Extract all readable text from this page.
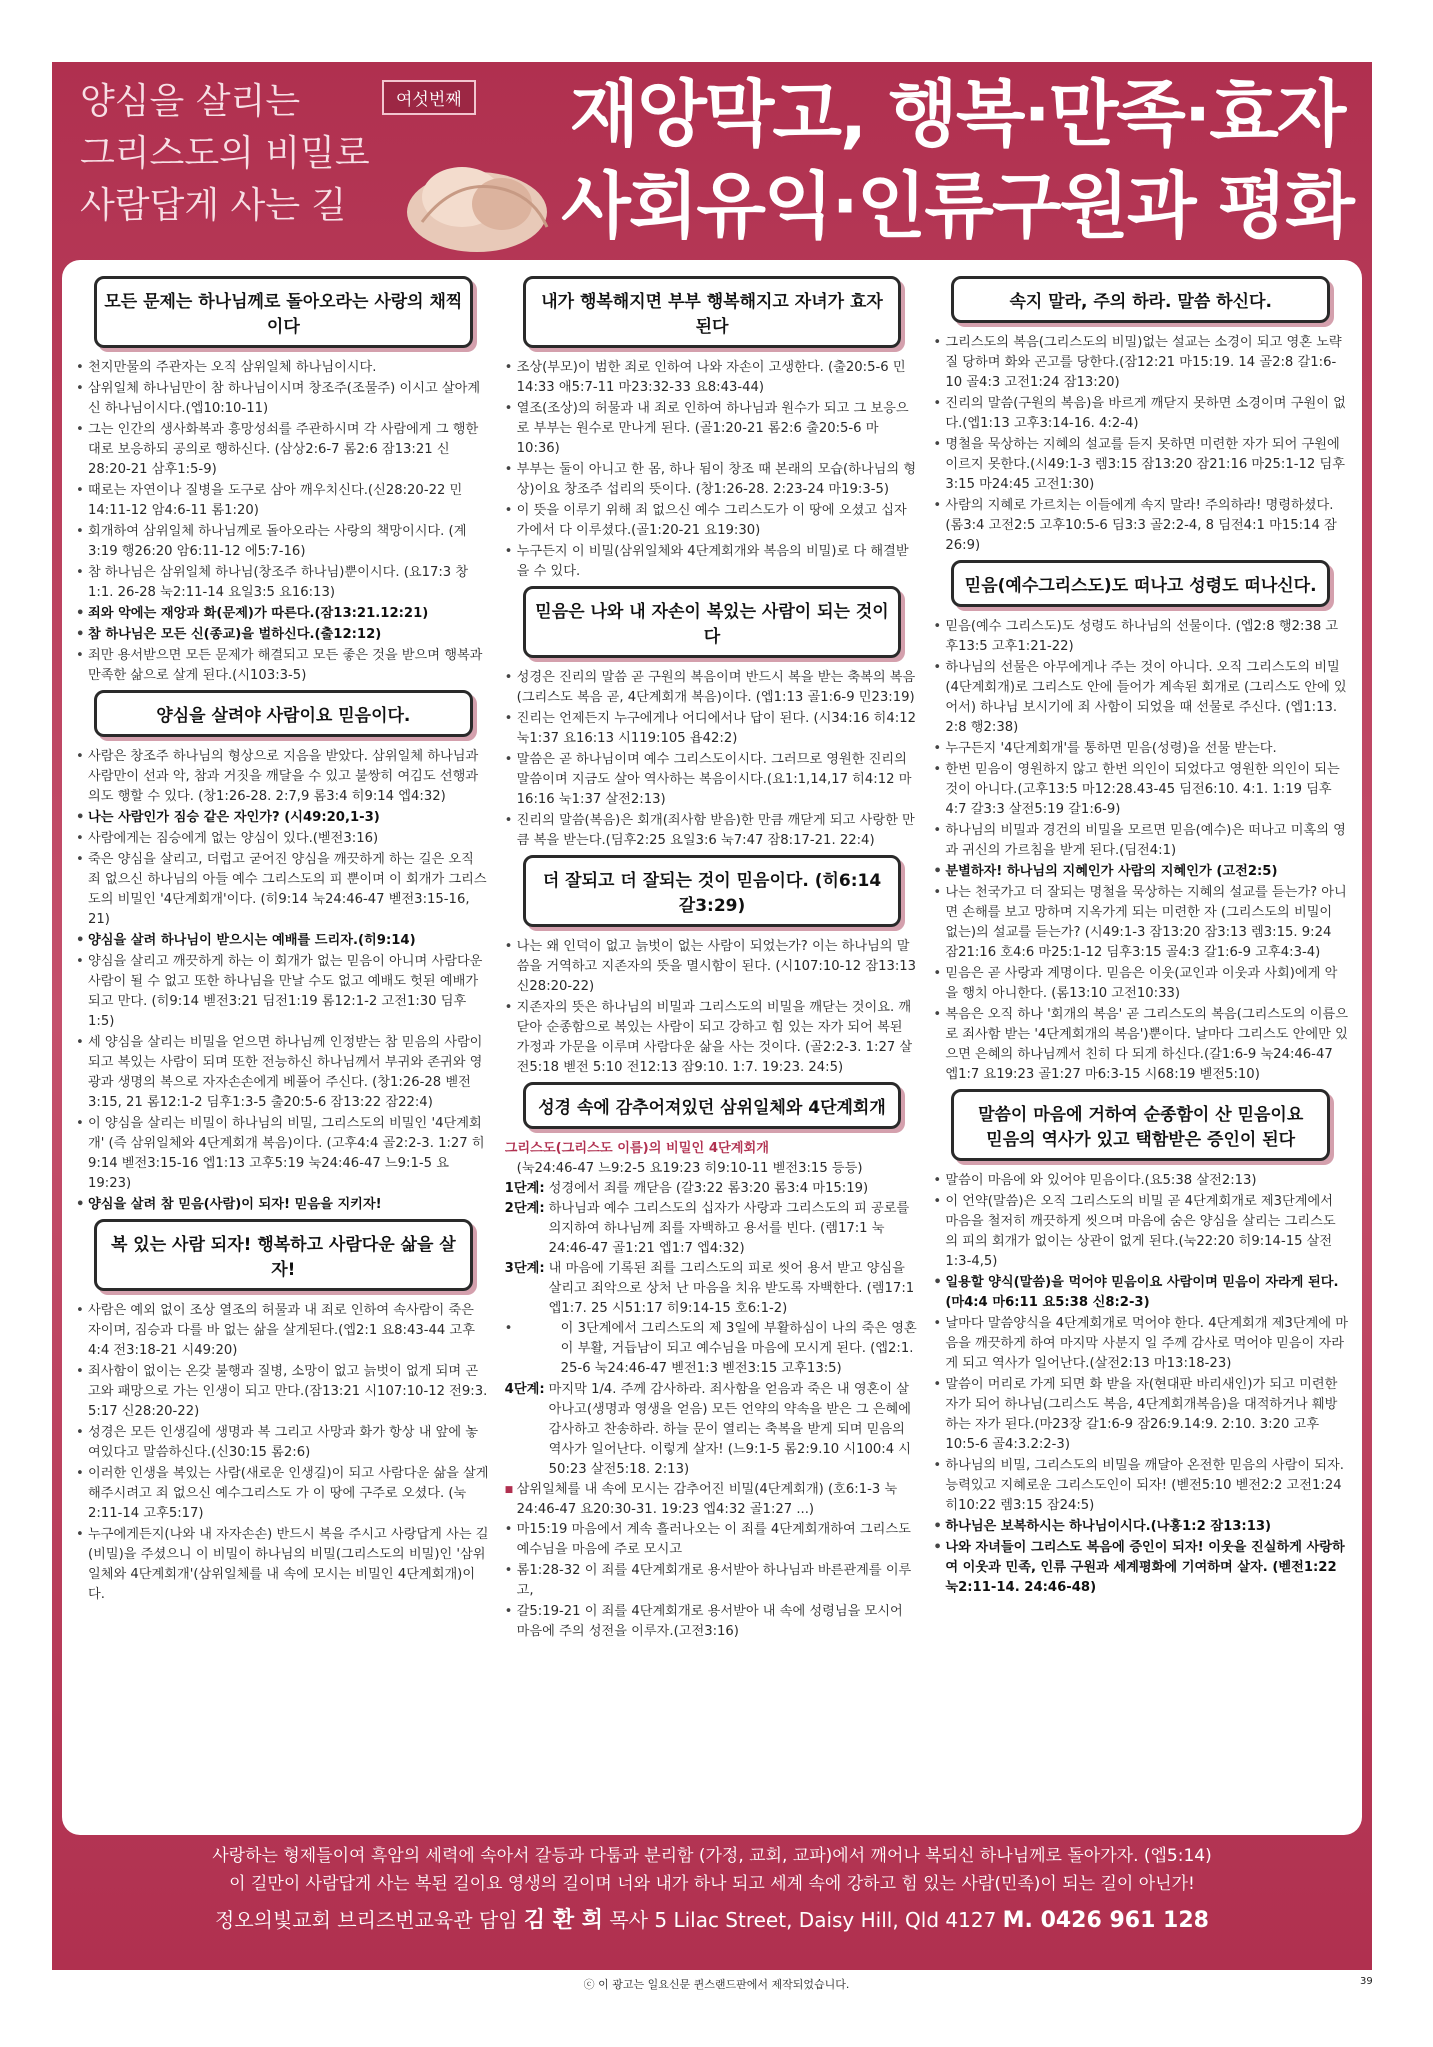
양심을 살리는
그리스도의 비밀로
사람답게 사는 길
여섯번째 재앙막고, 행복·만족·효자
사회유익·인류구원과 평화
모든 문제는 하나님께로 돌아오라는 사랑의 채찍이다
• 천지만물의 주관자는 오직 삼위일체 하나님이시다.
• 삼위일체 하나님만이 참 하나님이시며 창조주(조물주) 이시고 살아계신 하나님이시다.(엡10:10-11)
• 그는 인간의 생사화복과 흥망성쇠를 주관하시며 각 사람에게 그 행한 대로 보응하되 공의로 행하신다. (삼상2:6-7 롬2:6 잠13:21 신28:20-21 삼후1:5-9)
• 때로는 자연이나 질병을 도구로 삼아 깨우치신다.(신28:20-22 민14:11-12 암4:6-11 롬1:20)
• 회개하여 삼위일체 하나님께로 돌아오라는 사랑의 책망이시다. (계3:19 행26:20 암6:11-12 에5:7-16)
• 참 하나님은 삼위일체 하나님(창조주 하나님)뿐이시다. (요17:3 창1:1. 26-28 눅2:11-14 요일3:5 요16:13)
• 죄와 악에는 재앙과 화(문제)가 따른다.(잠13:21.12:21)
• 참 하나님은 모든 신(종교)을 벌하신다.(출12:12)
• 죄만 용서받으면 모든 문제가 해결되고 모든 좋은 것을 받으며 행복과 만족한 삶으로 살게 된다.(시103:3-5)
양심을 살려야 사람이요 믿음이다.
• 사람은 창조주 하나님의 형상으로 지음을 받았다. 삼위일체 하나님과 사람만이 선과 악, 참과 거짓을 깨달을 수 있고 불쌍히 여김도 선행과 의도 행할 수 있다. (창1:26-28. 2:7,9 롬3:4 히9:14 엡4:32)
• 나는 사람인가 짐승 같은 자인가? (시49:20,1-3)
• 사람에게는 짐승에게 없는 양심이 있다.(벧전3:16)
• 죽은 양심을 살리고, 더럽고 굳어진 양심을 깨끗하게 하는 길은 오직 죄 없으신 하나님의 아들 예수 그리스도의 피 뿐이며 이 회개가 그리스도의 비밀인 '4단계회개'이다. (히9:14 눅24:46-47 벧전3:15-16, 21)
• 양심을 살려 하나님이 받으시는 예배를 드리자.(히9:14)
• 양심을 살리고 깨끗하게 하는 이 회개가 없는 믿음이 아니며 사람다운 사람이 될 수 없고 또한 하나님을 만날 수도 없고 예배도 헛된 예배가 되고 만다. (히9:14 벧전3:21 딤전1:19 롬12:1-2 고전1:30 딤후1:5)
• 세 양심을 살리는 비밀을 얻으면 하나님께 인정받는 참 믿음의 사람이 되고 복있는 사람이 되며 또한 전능하신 하나님께서 부귀와 존귀와 영광과 생명의 복으로 자자손손에게 베풀어 주신다. (창1:26-28 벧전3:15, 21 롬12:1-2 딤후1:3-5 출20:5-6 잠13:22 잠22:4)
• 이 양심을 살리는 비밀이 하나님의 비밀, 그리스도의 비밀인 '4단계회개' (즉 삼위일체와 4단계회개 복음)이다. (고후4:4 골2:2-3. 1:27 히9:14 벧전3:15-16 엡1:13 고후5:19 눅24:46-47 느9:1-5 요19:23)
• 양심을 살려 참 믿음(사람)이 되자! 믿음을 지키자!
복 있는 사람 되자! 행복하고 사람다운 삶을 살자!
• 사람은 예외 없이 조상 열조의 허물과 내 죄로 인하여 속사람이 죽은 자이며, 짐승과 다를 바 없는 삶을 살게된다.(엡2:1 요8:43-44 고후4:4 전3:18-21 시49:20)
• 죄사함이 없이는 온갖 불행과 질병, 소망이 없고 늙벗이 없게 되며 곤고와 패망으로 가는 인생이 되고 만다.(잠13:21 시107:10-12 전9:3. 5:17 신28:20-22)
• 성경은 모든 인생길에 생명과 복 그리고 사망과 화가 항상 내 앞에 놓여있다고 말씀하신다.(신30:15 롬2:6)
• 이러한 인생을 복있는 사람(새로운 인생길)이 되고 사람다운 삶을 살게 해주시려고 죄 없으신 예수그리스도 가 이 땅에 구주로 오셨다. (눅2:11-14 고후5:17)
• 누구에게든지(나와 내 자자손손) 반드시 복을 주시고 사랑답게 사는 길(비밀)을 주셨으니 이 비밀이 하나님의 비밀(그리스도의 비밀)인 '삼위일체와 4단계회개'(삼위일체를 내 속에 모시는 비밀인 4단계회개)이다.
내가 행복해지면 부부 행복해지고 자녀가 효자 된다
• 조상(부모)이 범한 죄로 인하여 나와 자손이 고생한다. (출20:5-6 민14:33 애5:7-11 마23:32-33 요8:43-44)
• 열조(조상)의 허물과 내 죄로 인하여 하나님과 원수가 되고 그 보응으로 부부는 원수로 만나게 된다. (골1:20-21 롬2:6 출20:5-6 마10:36)
• 부부는 둘이 아니고 한 몸, 하나 됨이 창조 때 본래의 모습(하나님의 형상)이요 창조주 섭리의 뜻이다. (창1:26-28. 2:23-24 마19:3-5)
• 이 뜻을 이루기 위해 죄 없으신 예수 그리스도가 이 땅에 오셨고 십자가에서 다 이루셨다.(골1:20-21 요19:30)
• 누구든지 이 비밀(삼위일체와 4단계회개와 복음의 비밀)로 다 해결받을 수 있다.
믿음은 나와 내 자손이 복있는 사람이 되는 것이다
• 성경은 진리의 말씀 곧 구원의 복음이며 반드시 복을 받는 축복의 복음(그리스도 복음 곧, 4단계회개 복음)이다. (엡1:13 골1:6-9 민23:19)
• 진리는 언제든지 누구에게나 어디에서나 답이 된다. (시34:16 히4:12 눅1:37 요16:13 시119:105 욥42:2)
• 말씀은 곧 하나님이며 예수 그리스도이시다. 그러므로 영원한 진리의 말씀이며 지금도 살아 역사하는 복음이시다.(요1:1,14,17 히4:12 마16:16 눅1:37 살전2:13)
• 진리의 말씀(복음)은 회개(죄사함 받음)한 만큼 깨닫게 되고 사랑한 만큼 복을 받는다.(딤후2:25 요일3:6 눅7:47 잠8:17-21. 22:4)
더 잘되고 더 잘되는 것이 믿음이다. (히6:14 갈3:29)
• 나는 왜 인덕이 없고 늙벗이 없는 사람이 되었는가? 이는 하나님의 말씀을 거역하고 지존자의 뜻을 멸시함이 된다. (시107:10-12 잠13:13 신28:20-22)
• 지존자의 뜻은 하나님의 비밀과 그리스도의 비밀을 깨닫는 것이요. 깨닫아 순종함으로 복있는 사람이 되고 강하고 힘 있는 자가 되어 복된 가정과 가문을 이루며 사람다운 삶을 사는 것이다. (골2:2-3. 1:27 살전5:18 벧전 5:10 전12:13 잠9:10. 1:7. 19:23. 24:5)
성경 속에 감추어져있던 삼위일체와 4단계회개
그리스도(그리스도 이름)의 비밀인 4단계회개
(눅24:46-47 느9:2-5 요19:23 히9:10-11 벧전3:15 등등)
1단계: 성경에서 죄를 깨닫음 (갈3:22 롬3:20 롬3:4 마15:19)
2단계: 하나님과 예수 그리스도의 십자가 사랑과 그리스도의 피 공로를 의지하여 하나님께 죄를 자백하고 용서를 빈다. (렘17:1 눅24:46-47 골1:21 엡1:7 엡4:32)
3단계: 내 마음에 기록된 죄를 그리스도의 피로 씻어 용서 받고 양심을 살리고 죄악으로 상처 난 마음을 치유 받도록 자백한다. (렘17:1 엡1:7. 25 시51:17 히9:14-15 호6:1-2)
• 이 3단계에서 그리스도의 제 3일에 부활하심이 나의 죽은 영혼이 부활, 거듭남이 되고 예수님을 마음에 모시게 된다. (엡2:1. 25-6 눅24:46-47 벧전1:3 벧전3:15 고후13:5)
4단계: 마지막 1/4. 주께 감사하라. 죄사함을 얻음과 죽은 내 영혼이 살아나고(생명과 영생을 얻음) 모든 언약의 약속을 받은 그 은혜에 감사하고 찬송하라. 하늘 문이 열리는 축복을 받게 되며 믿음의 역사가 일어난다. 이렇게 살자! (느9:1-5 롬2:9.10 시100:4 시50:23 살전5:18. 2:13)
■ 삼위일체를 내 속에 모시는 감추어진 비밀(4단계회개) (호6:1-3 눅24:46-47 요20:30-31. 19:23 엡4:32 골1:27 ...)
• 마15:19 마음에서 계속 흘러나오는 이 죄를 4단계회개하여 그리스도 예수님을 마음에 주로 모시고
• 롬1:28-32 이 죄를 4단계회개로 용서받아 하나님과 바른관계를 이루고,
• 갈5:19-21 이 죄를 4단계회개로 용서받아 내 속에 성령님을 모시어 마음에 주의 성전을 이루자.(고전3:16)
속지 말라, 주의 하라. 말씀 하신다.
• 그리스도의 복음(그리스도의 비밀)없는 설교는 소경이 되고 영혼 노략질 당하며 화와 곤고를 당한다.(잠12:21 마15:19. 14 골2:8 갈1:6-10 골4:3 고전1:24 잠13:20)
• 진리의 말씀(구원의 복음)을 바르게 깨닫지 못하면 소경이며 구원이 없다.(엡1:13 고후3:14-16. 4:2-4)
• 명철을 묵상하는 지혜의 설교를 듣지 못하면 미련한 자가 되어 구원에 이르지 못한다.(시49:1-3 렘3:15 잠13:20 잠21:16 마25:1-12 딤후3:15 마24:45 고전1:30)
• 사람의 지혜로 가르치는 이들에게 속지 말라! 주의하라! 명령하셨다. (롬3:4 고전2:5 고후10:5-6 딤3:3 골2:2-4, 8 딤전4:1 마15:14 잠26:9)
믿음(예수그리스도)도 떠나고 성령도 떠나신다.
• 믿음(예수 그리스도)도 성령도 하나님의 선물이다. (엡2:8 행2:38 고후13:5 고후1:21-22)
• 하나님의 선물은 아무에게나 주는 것이 아니다. 오직 그리스도의 비밀(4단계회개)로 그리스도 안에 들어가 계속된 회개로 (그리스도 안에 있어서) 하나님 보시기에 죄 사함이 되었을 때 선물로 주신다. (엡1:13. 2:8 행2:38)
• 누구든지 '4단계회개'를 통하면 믿음(성령)을 선물 받는다.
• 한번 믿음이 영원하지 않고 한번 의인이 되었다고 영원한 의인이 되는 것이 아니다.(고후13:5 마12:28.43-45 딤전6:10. 4:1. 1:19 딤후4:7 갈3:3 살전5:19 갈1:6-9)
• 하나님의 비밀과 경건의 비밀을 모르면 믿음(예수)은 떠나고 미혹의 영과 귀신의 가르침을 받게 된다.(딤전4:1)
• 분별하자! 하나님의 지혜인가 사람의 지혜인가 (고전2:5)
• 나는 천국가고 더 잘되는 명철을 묵상하는 지혜의 설교를 듣는가? 아니면 손해를 보고 망하며 지옥가게 되는 미련한 자 (그리스도의 비밀이 없는)의 설교를 듣는가? (시49:1-3 잠13:20 잠3:13 렘3:15. 9:24 잠21:16 호4:6 마25:1-12 딤후3:15 골4:3 갈1:6-9 고후4:3-4)
• 믿음은 곧 사랑과 계명이다. 믿음은 이웃(교인과 이웃과 사회)에게 악을 행치 아니한다. (롬13:10 고전10:33)
• 복음은 오직 하나 '회개의 복음' 곧 그리스도의 복음(그리스도의 이름으로 죄사함 받는 '4단계회개의 복음')뿐이다. 날마다 그리스도 안에만 있으면 은혜의 하나님께서 친히 다 되게 하신다.(갈1:6-9 눅24:46-47 엡1:7 요19:23 골1:27 마6:3-15 시68:19 벧전5:10)
말씀이 마음에 거하여 순종함이 산 믿음이요
믿음의 역사가 있고 택함받은 증인이 된다
• 말씀이 마음에 와 있어야 믿음이다.(요5:38 살전2:13)
• 이 언약(말씀)은 오직 그리스도의 비밀 곧 4단계회개로 제3단계에서 마음을 철저히 깨끗하게 씻으며 마음에 숨은 양심을 살리는 그리스도의 피의 회개가 없이는 상관이 없게 된다.(눅22:20 히9:14-15 살전1:3-4,5)
• 일용할 양식(말씀)을 먹어야 믿음이요 사람이며 믿음이 자라게 된다.(마4:4 마6:11 요5:38 신8:2-3)
• 날마다 말씀양식을 4단계회개로 먹어야 한다. 4단계회개 제3단계에 마음을 깨끗하게 하여 마지막 사분지 일 주께 감사로 먹어야 믿음이 자라게 되고 역사가 일어난다.(살전2:13 마13:18-23)
• 말씀이 머리로 가게 되면 화 받을 자(현대판 바리새인)가 되고 미련한 자가 되어 하나님(그리스도 복음, 4단계회개복음)을 대적하거나 훼방하는 자가 된다.(마23장 갈1:6-9 잠26:9.14:9. 2:10. 3:20 고후10:5-6 골4:3.2:2-3)
• 하나님의 비밀, 그리스도의 비밀을 깨달아 온전한 믿음의 사람이 되자. 능력있고 지혜로운 그리스도인이 되자! (벧전5:10 벧전2:2 고전1:24 히10:22 렘3:15 잠24:5)
• 하나님은 보복하시는 하나님이시다.(나홍1:2 잠13:13)
• 나와 자녀들이 그리스도 복음에 증인이 되자! 이웃을 진실하게 사랑하여 이웃과 민족, 인류 구원과 세계평화에 기여하며 살자. (벧전1:22 눅2:11-14. 24:46-48)
사랑하는 형제들이여 흑암의 세력에 속아서 갈등과 다툼과 분리함 (가정, 교회, 교파)에서 깨어나 복되신 하나님께로 돌아가자. (엡5:14)
이 길만이 사람답게 사는 복된 길이요 영생의 길이며 너와 내가 하나 되고 세계 속에 강하고 힘 있는 사람(민족)이 되는 길이 아닌가!
정오의빛교회 브리즈번교육관 담임 김 환 희 목사 5 Lilac Street, Daisy Hill, Qld 4127 M. 0426 961 128
ⓒ 이 광고는 일요신문 퀸스랜드판에서 제작되었습니다.	39
